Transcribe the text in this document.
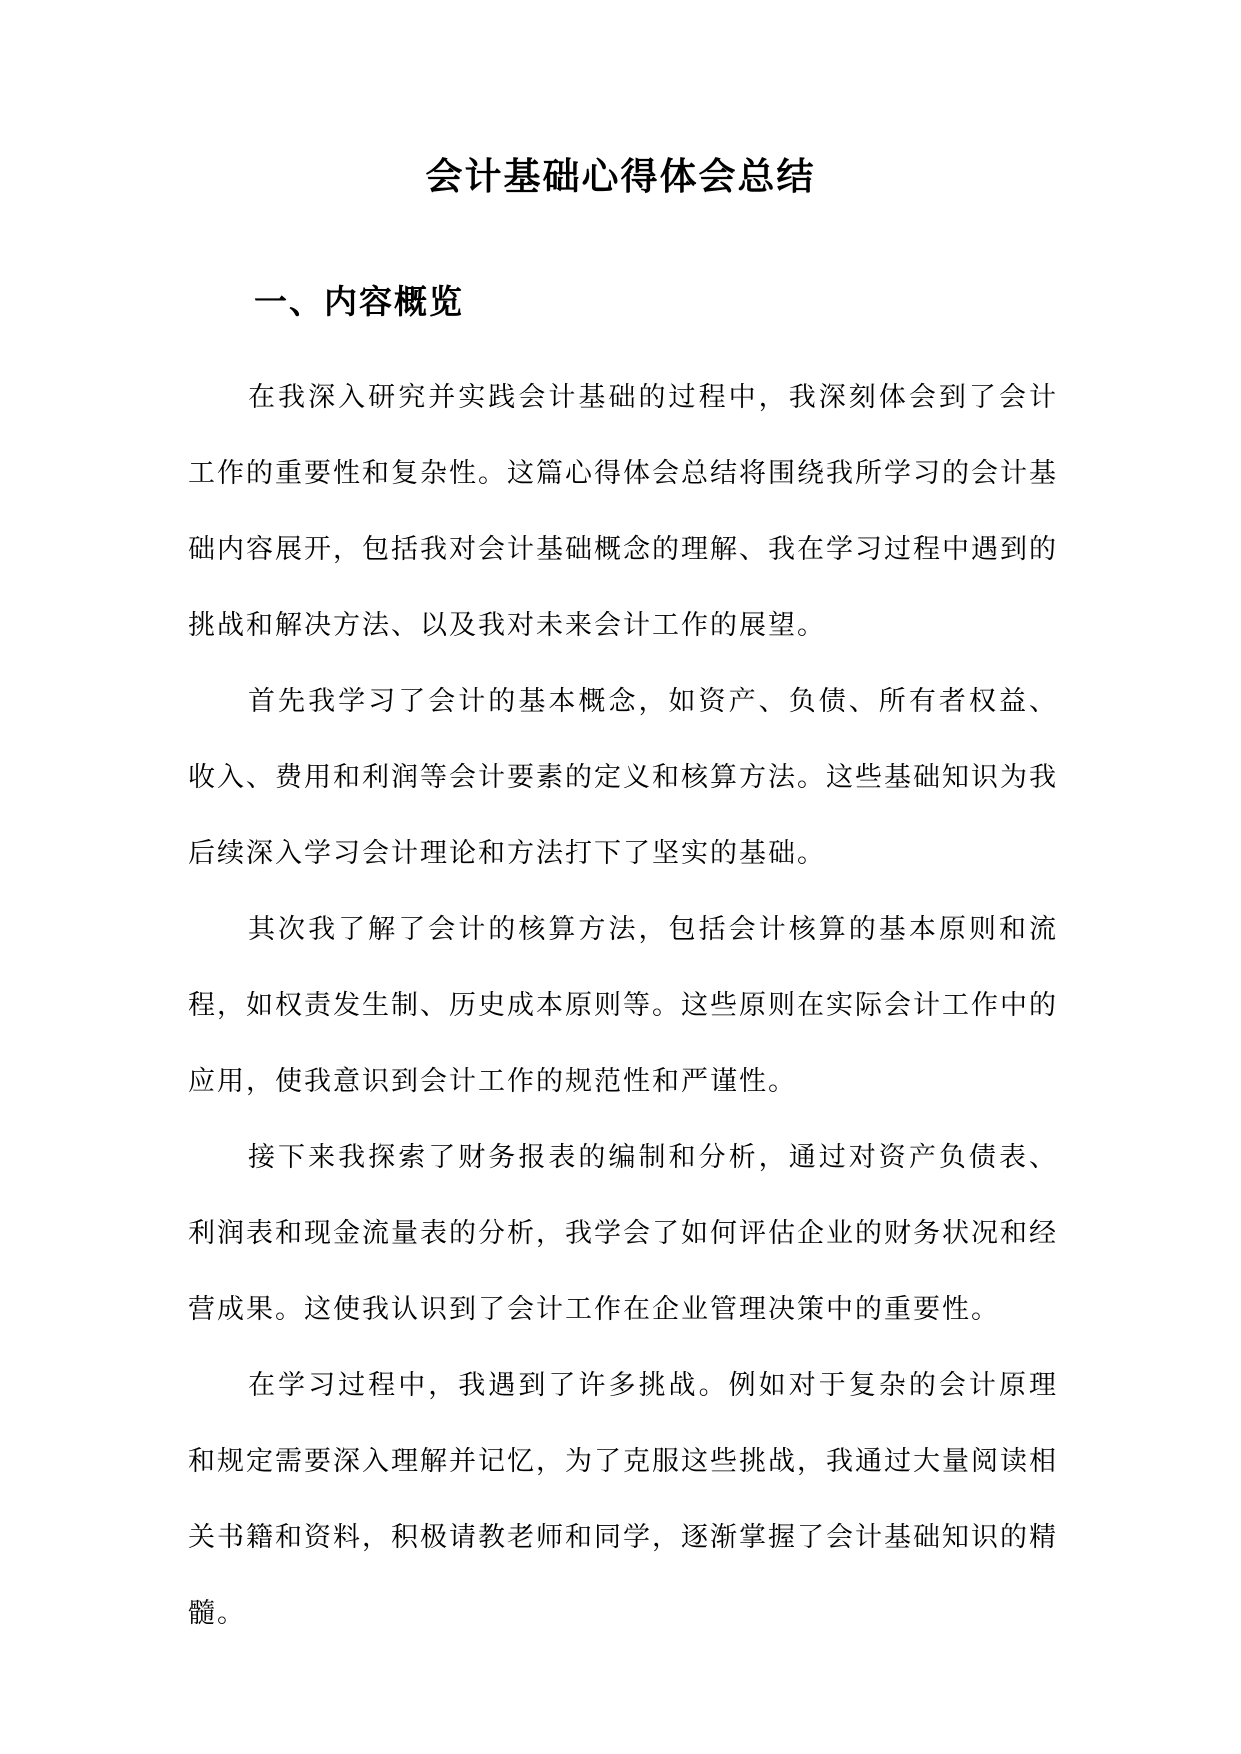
会计基础心得体会总结
一、内容概览

在我深入研究并实践会计基础的过程中，我深刻体会到了会计工作的重要性和复杂性。这篇心得体会总结将围绕我所学习的会计基础内容展开，包括我对会计基础概念的理解、我在学习过程中遇到的挑战和解决方法、以及我对未来会计工作的展望。

首先我学习了会计的基本概念，如资产、负债、所有者权益、收入、费用和利润等会计要素的定义和核算方法。这些基础知识为我后续深入学习会计理论和方法打下了坚实的基础。

其次我了解了会计的核算方法，包括会计核算的基本原则和流程，如权责发生制、历史成本原则等。这些原则在实际会计工作中的应用，使我意识到会计工作的规范性和严谨性。

接下来我探索了财务报表的编制和分析，通过对资产负债表、利润表和现金流量表的分析，我学会了如何评估企业的财务状况和经营成果。这使我认识到了会计工作在企业管理决策中的重要性。

在学习过程中，我遇到了许多挑战。例如对于复杂的会计原理和规定需要深入理解并记忆，为了克服这些挑战，我通过大量阅读相关书籍和资料，积极请教老师和同学，逐渐掌握了会计基础知识的精髓。
